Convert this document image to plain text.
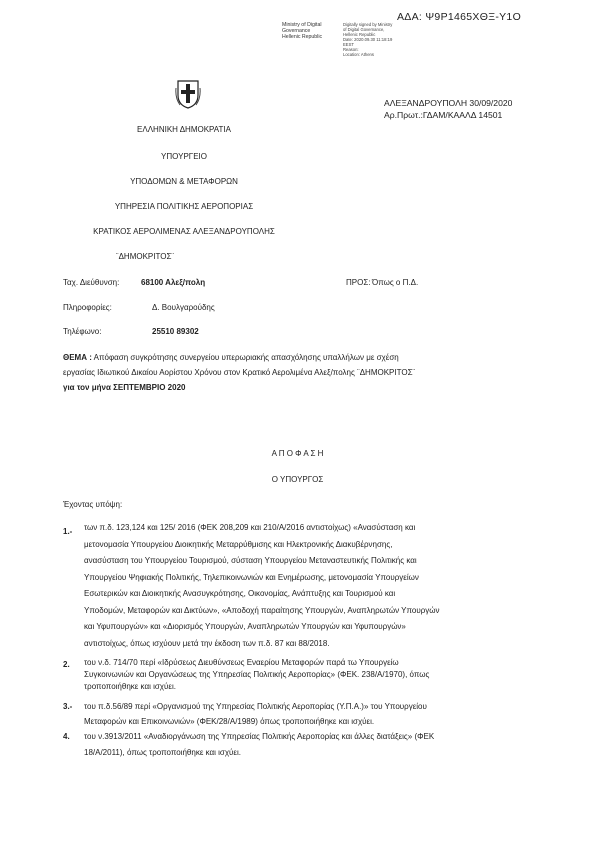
ΑΔΑ: Ψ9Ρ1465ΧΘΞ-Υ1Ο
Ministry of Digital
Governance
Hellenic Republic
Digitally signed by Ministry
of Digital Governance,
Hellenic Republic
Date: 2020.09.30 11:18:19
EEST
Reason:
Location: Athens
ΑΛΕΞΑΝΔΡΟΥΠΟΛΗ 30/09/2020
Αρ.Πρωτ.:ΓΔΑΜ/ΚΑΑΛΔ 14501
ΕΛΛΗΝΙΚΗ ΔΗΜΟΚΡΑΤΙΑ
ΥΠΟΥΡΓΕΙΟ
ΥΠΟΔΟΜΩΝ & ΜΕΤΑΦΟΡΩΝ
ΥΠΗΡΕΣΙΑ ΠΟΛΙΤΙΚΗΣ ΑΕΡΟΠΟΡΙΑΣ
ΚΡΑΤΙΚΟΣ ΑΕΡΟΛΙΜΕΝΑΣ ΑΛΕΞΑΝΔΡΟΥΠΟΛΗΣ
¨ΔΗΜΟΚΡΙΤΟΣ¨
Ταχ. Διεύθυνση:	68100 Αλεξ/πολη	ΠΡΟΣ: Όπως ο Π.Δ.
Πληροφορίες:	Δ. Βουλγαρούδης
Τηλέφωνο:	25510 89302
ΘΕΜΑ : Απόφαση συγκρότησης συνεργείου υπερωριακής απασχόλησης υπαλλήλων με σχέση
εργασίας Ιδιωτικού Δικαίου Αορίστου Χρόνου στον Κρατικό Αερολιμένα Αλεξ/πολης ¨ΔΗΜΟΚΡΙΤΟΣ¨
για τον μήνα ΣΕΠΤΕΜΒΡΙΟ 2020
Α Π Ο Φ Α Σ Η
Ο ΥΠΟΥΡΓΟΣ
Έχοντας υπόψη:
1.- των π.δ. 123,124 και 125/ 2016 (ΦΕΚ 208,209 και 210/Α/2016 αντιστοίχως) «Ανασύσταση και
μετονομασία Υπουργείου Διοικητικής Μεταρρύθμισης και Ηλεκτρονικής Διακυβέρνησης,
ανασύσταση του Υπουργείου Τουρισμού, σύσταση Υπουργείου Μεταναστευτικής Πολιτικής και
Υπουργείου Ψηφιακής Πολιτικής, Τηλεπικοινωνιών και Ενημέρωσης, μετονομασία Υπουργείων
Εσωτερικών και Διοικητικής Ανασυγκρότησης, Οικονομίας, Ανάπτυξης και Τουρισμού και
Υποδομών, Μεταφορών και Δικτύων», «Αποδοχή παραίτησης Υπουργών, Αναπληρωτών Υπουργών
και Υφυπουργών» και «Διορισμός Υπουργών, Αναπληρωτών Υπουργών και Υφυπουργών»
αντιστοίχως, όπως ισχύουν μετά την έκδοση των π.δ. 87 και 88/2018.
2. του ν.δ. 714/70 περί «Ιδρύσεως Διευθύνσεως Εναερίου Μεταφορών παρά τω Υπουργείω
Συγκοινωνιών και Οργανώσεως της Υπηρεσίας Πολιτικής Αεροπορίας» (ΦΕΚ. 238/Α/1970), όπως
τροποποιήθηκε και ισχύει.
3.- του π.δ.56/89 περί «Οργανισμού της Υπηρεσίας Πολιτικής Αεροπορίας (Υ.Π.Α.)» του Υπουργείου
Μεταφορών και Επικοινωνιών» (ΦΕΚ/28/Α/1989) όπως τροποποιήθηκε και ισχύει.
4. του ν.3913/2011 «Αναδιοργάνωση της Υπηρεσίας Πολιτικής Αεροπορίας και άλλες διατάξεις» (ΦΕΚ
18/Α/2011), όπως τροποποιήθηκε και ισχύει.
